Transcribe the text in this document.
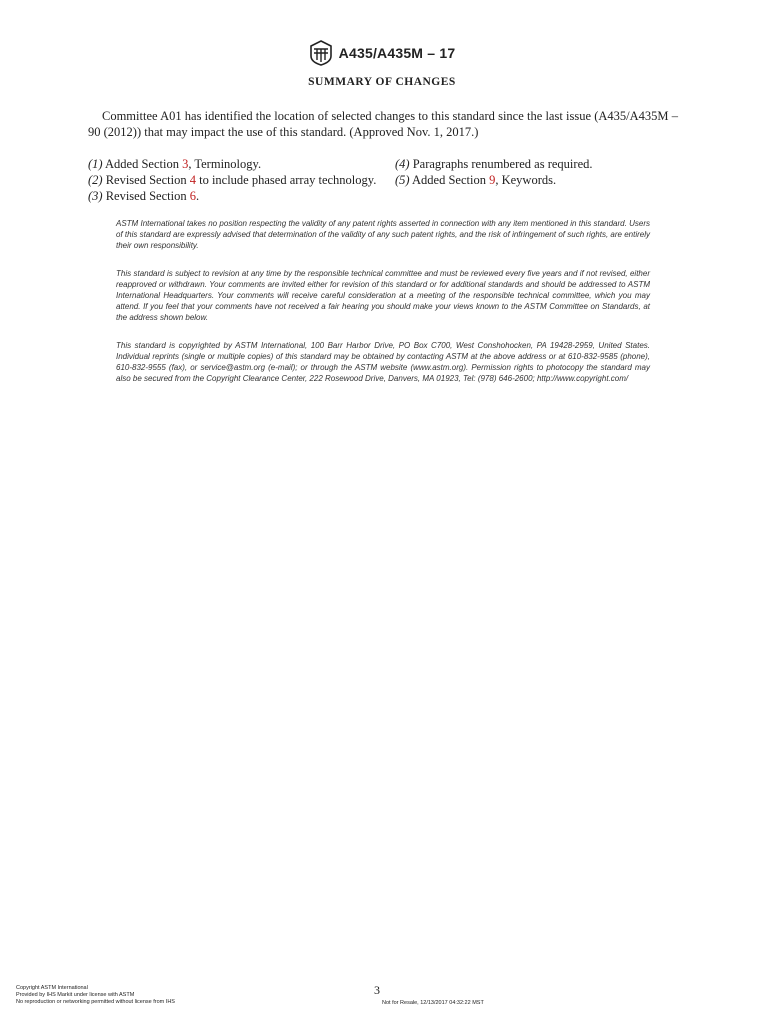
A435/A435M – 17
SUMMARY OF CHANGES

Committee A01 has identified the location of selected changes to this standard since the last issue (A435/A435M – 90 (2012)) that may impact the use of this standard. (Approved Nov. 1, 2017.)

(1) Added Section 3, Terminology.
(2) Revised Section 4 to include phased array technology.
(3) Revised Section 6.
(4) Paragraphs renumbered as required.
(5) Added Section 9, Keywords.

ASTM International takes no position respecting the validity of any patent rights asserted in connection with any item mentioned in this standard. Users of this standard are expressly advised that determination of the validity of any such patent rights, and the risk of infringement of such rights, are entirely their own responsibility.

This standard is subject to revision at any time by the responsible technical committee and must be reviewed every five years and if not revised, either reapproved or withdrawn. Your comments are invited either for revision of this standard or for additional standards and should be addressed to ASTM International Headquarters. Your comments will receive careful consideration at a meeting of the responsible technical committee, which you may attend. If you feel that your comments have not received a fair hearing you should make your views known to the ASTM Committee on Standards, at the address shown below.

This standard is copyrighted by ASTM International, 100 Barr Harbor Drive, PO Box C700, West Conshohocken, PA 19428-2959, United States. Individual reprints (single or multiple copies) of this standard may be obtained by contacting ASTM at the above address or at 610-832-9585 (phone), 610-832-9555 (fax), or service@astm.org (e-mail); or through the ASTM website (www.astm.org). Permission rights to photocopy the standard may also be secured from the Copyright Clearance Center, 222 Rosewood Drive, Danvers, MA 01923, Tel: (978) 646-2600; http://www.copyright.com/

3
Copyright ASTM International
Provided by IHS Markit under license with ASTM
No reproduction or networking permitted without license from IHS	Not for Resale, 12/13/2017 04:32:22 MST
